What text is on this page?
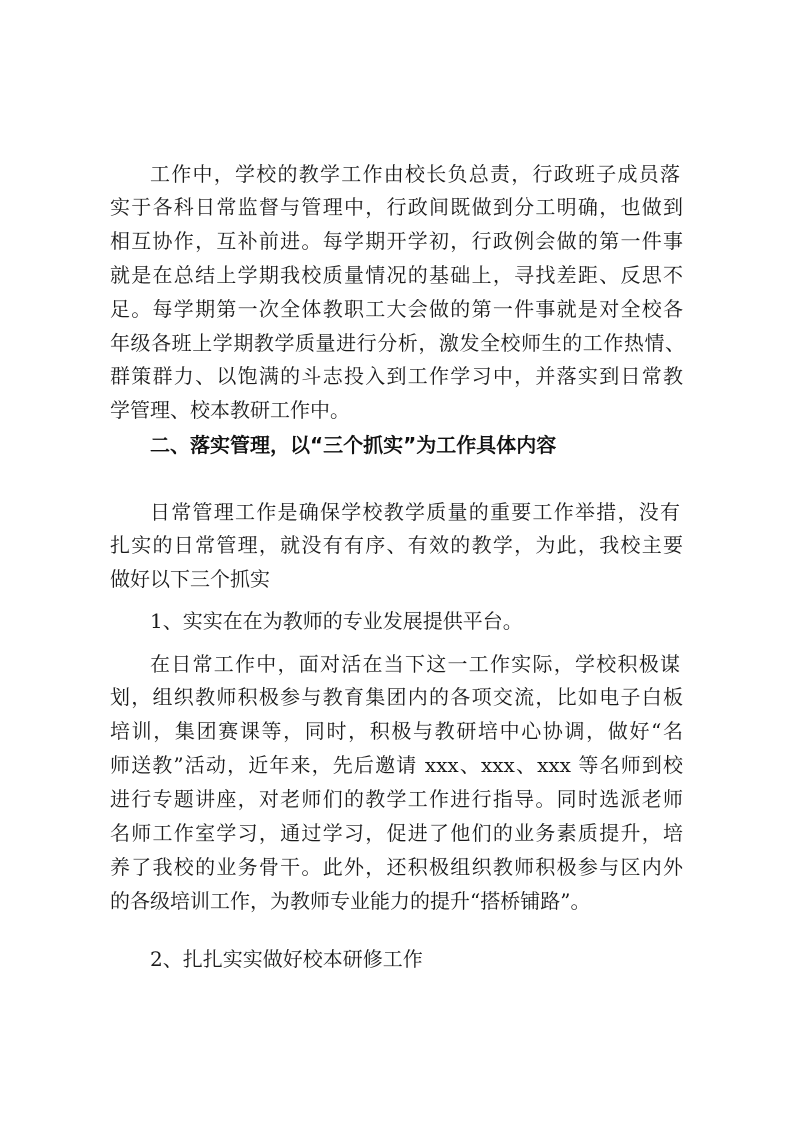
工作中，学校的教学工作由校长负总责，行政班子成员落
实于各科日常监督与管理中，行政间既做到分工明确，也做到
相互协作，互补前进。每学期开学初，行政例会做的第一件事
就是在总结上学期我校质量情况的基础上，寻找差距、反思不
足。每学期第一次全体教职工大会做的第一件事就是对全校各
年级各班上学期教学质量进行分析，激发全校师生的工作热情、
群策群力、以饱满的斗志投入到工作学习中，并落实到日常教
学管理、校本教研工作中。
二、落实管理，以“三个抓实”为工作具体内容
日常管理工作是确保学校教学质量的重要工作举措，没有
扎实的日常管理，就没有有序、有效的教学，为此，我校主要
做好以下三个抓实
1、实实在在为教师的专业发展提供平台。
在日常工作中，面对活在当下这一工作实际，学校积极谋
划，组织教师积极参与教育集团内的各项交流，比如电子白板
培训，集团赛课等，同时，积极与教研培中心协调，做好“名
师送教”活动，近年来，先后邀请 xxx、xxx、xxx 等名师到校
进行专题讲座，对老师们的教学工作进行指导。同时选派老师
名师工作室学习，通过学习，促进了他们的业务素质提升，培
养了我校的业务骨干。此外，还积极组织教师积极参与区内外
的各级培训工作，为教师专业能力的提升“搭桥铺路”。
2、扎扎实实做好校本研修工作
